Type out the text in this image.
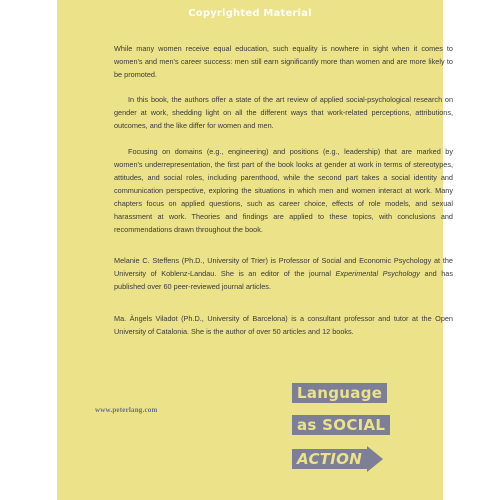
Copyrighted Material

While many women receive equal education, such equality is nowhere in sight when it comes to women's and men's career success: men still earn significantly more than women and are more likely to be promoted.

In this book, the authors offer a state of the art review of applied social-psychological research on gender at work, shedding light on all the different ways that work-related perceptions, attributions, outcomes, and the like differ for women and men.

Focusing on domains (e.g., engineering) and positions (e.g., leadership) that are marked by women's underrepresentation, the first part of the book looks at gender at work in terms of stereotypes, attitudes, and social roles, including parenthood, while the second part takes a social identity and communication perspective, exploring the situations in which men and women interact at work. Many chapters focus on applied questions, such as career choice, effects of role models, and sexual harassment at work. Theories and findings are applied to these topics, with conclusions and recommendations drawn throughout the book.

Melanie C. Steffens (Ph.D., University of Trier) is Professor of Social and Economic Psychology at the University of Koblenz-Landau. She is an editor of the journal Experimental Psychology and has published over 60 peer-reviewed journal articles.

Ma. Àngels Viladot (Ph.D., University of Barcelona) is a consultant professor and tutor at the Open University of Catalonia. She is the author of over 50 articles and 12 books.

www.peterlang.com
Language
as SOCIAL
ACTION
